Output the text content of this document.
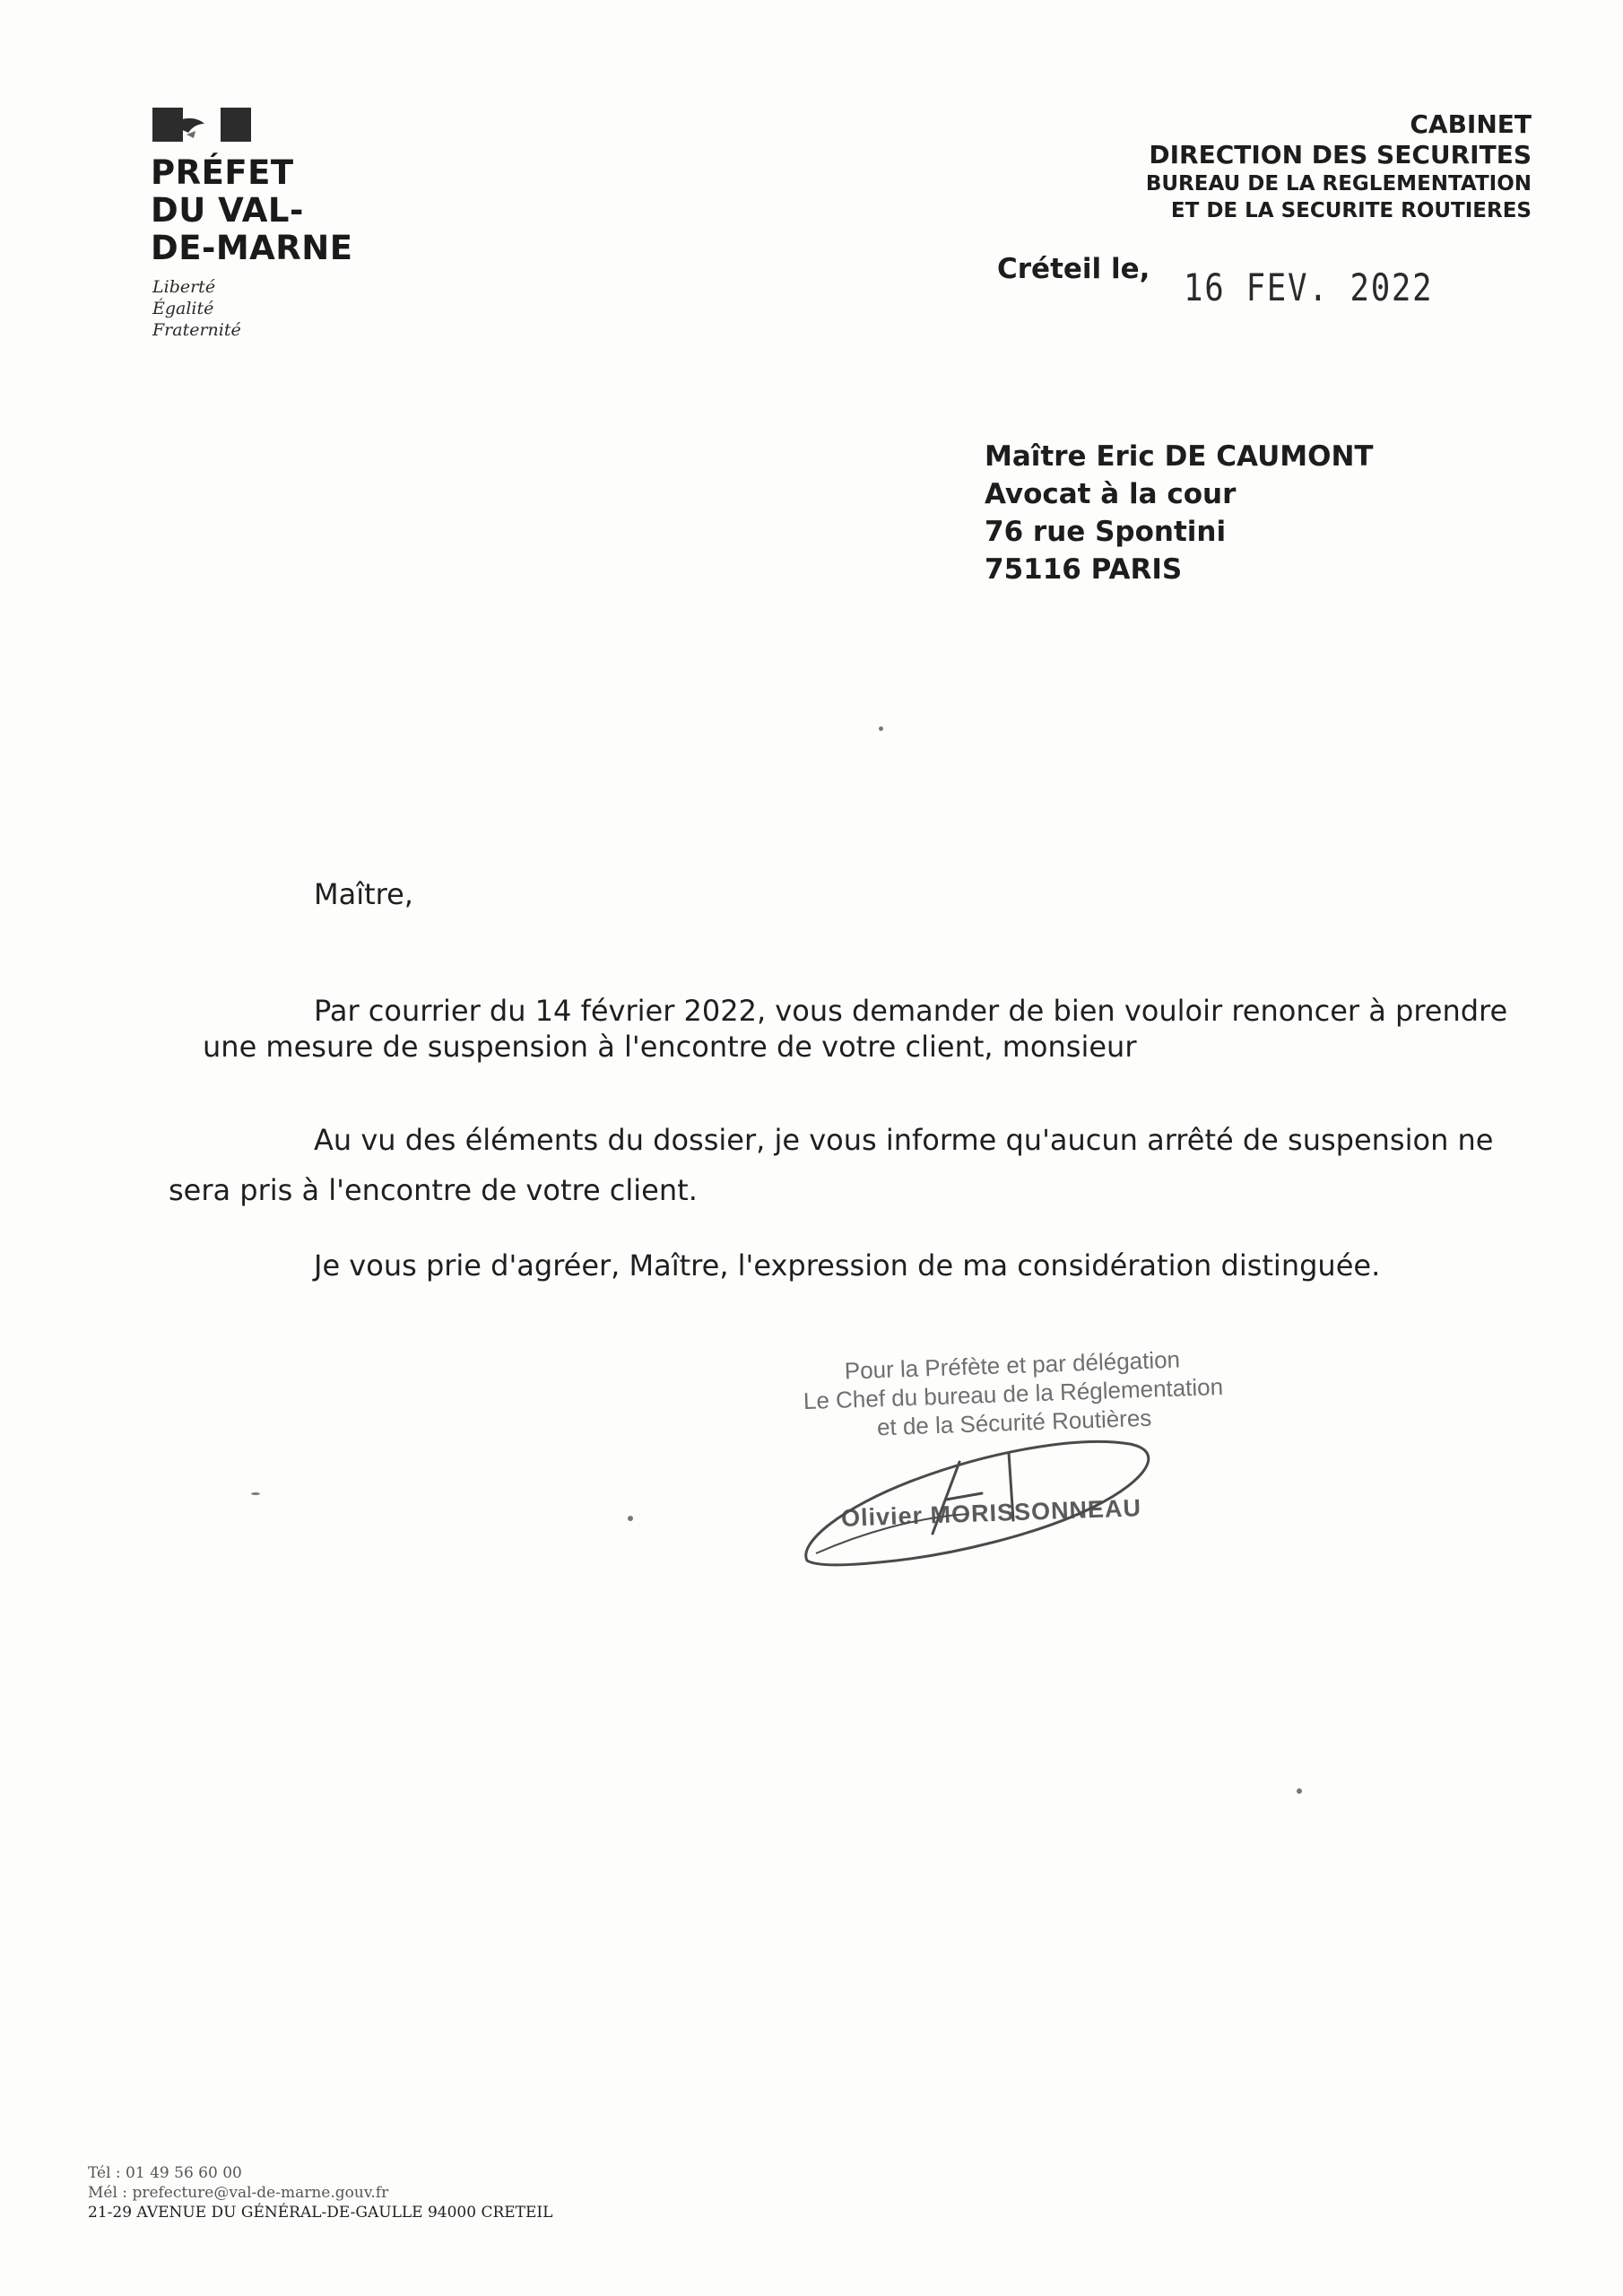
PRÉFET
DU VAL-
DE-MARNE
Liberté
Égalité
Fraternité
CABINET
DIRECTION DES SECURITES
BUREAU DE LA REGLEMENTATION
ET DE LA SECURITE ROUTIERES
Créteil le, 16 FEV. 2022
Maître Eric DE CAUMONT
Avocat à la cour
76 rue Spontini
75116 PARIS
Maître,
Par courrier du 14 février 2022, vous demander de bien vouloir renoncer à prendre
une mesure de suspension à l'encontre de votre client, monsieur
Au vu des éléments du dossier, je vous informe qu'aucun arrêté de suspension ne
sera pris à l'encontre de votre client.
Je vous prie d'agréer, Maître, l'expression de ma considération distinguée.
Pour la Préfète et par délégation
Le Chef du bureau de la Réglementation
et de la Sécurité Routières
Olivier MORISSONNEAU
Tél : 01 49 56 60 00
Mél : prefecture@val-de-marne.gouv.fr
21-29 AVENUE DU GÉNÉRAL-DE-GAULLE 94000 CRETEIL
